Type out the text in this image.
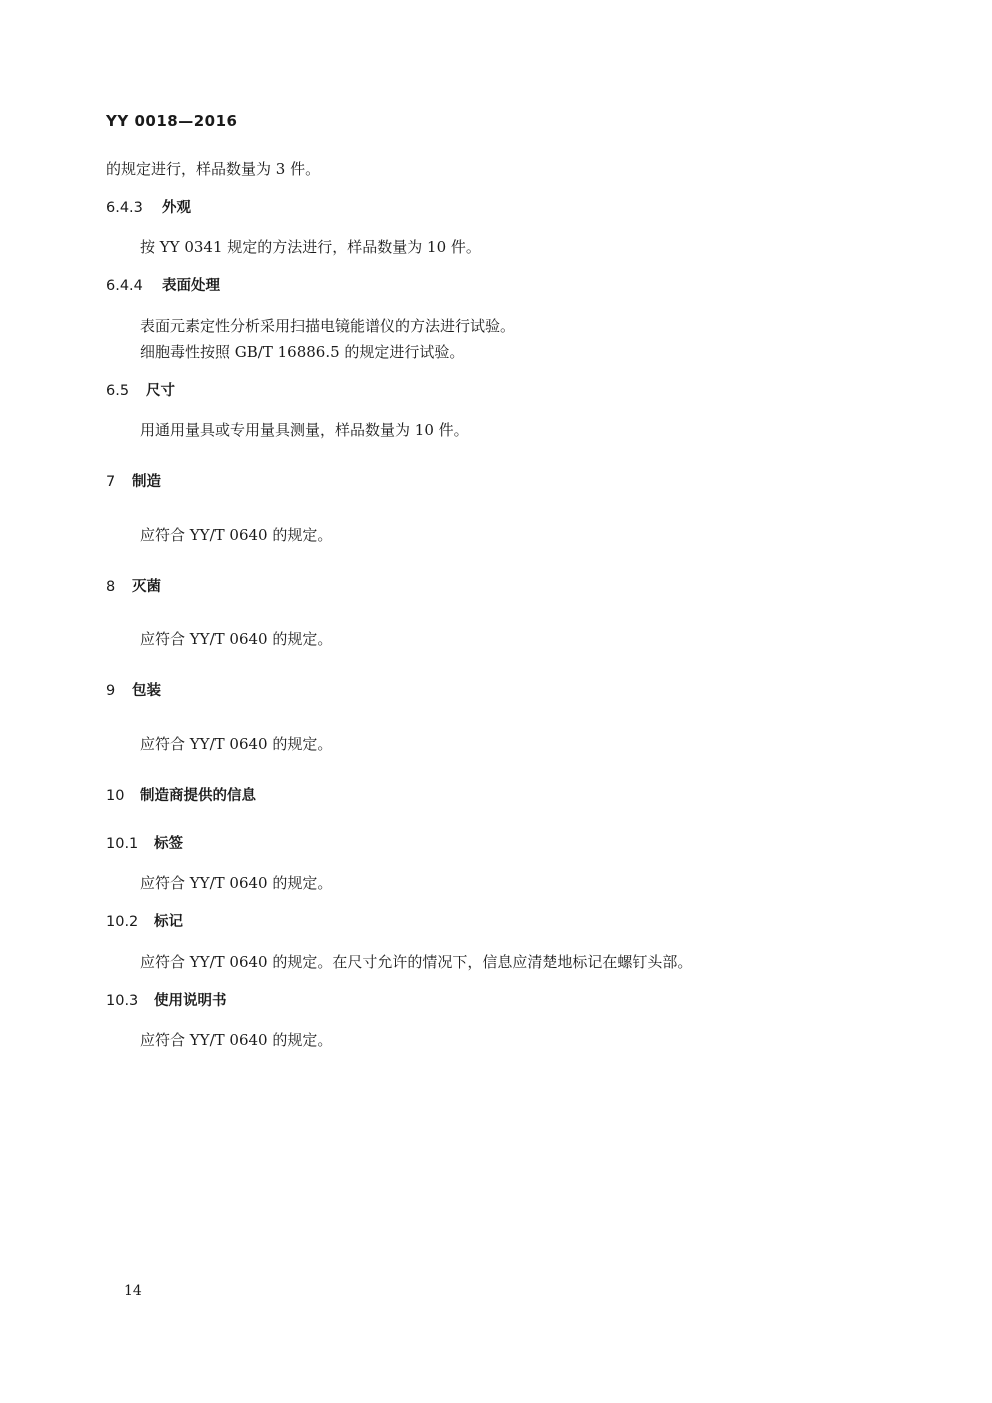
YY 0018—2016
的规定进行，样品数量为 3 件。
6.4.3 外观
按 YY 0341 规定的方法进行，样品数量为 10 件。
6.4.4 表面处理
表面元素定性分析采用扫描电镜能谱仪的方法进行试验。
细胞毒性按照 GB/T 16886.5 的规定进行试验。
6.5 尺寸
用通用量具或专用量具测量，样品数量为 10 件。
7 制造
应符合 YY/T 0640 的规定。
8 灭菌
应符合 YY/T 0640 的规定。
9 包装
应符合 YY/T 0640 的规定。
10 制造商提供的信息
10.1 标签
应符合 YY/T 0640 的规定。
10.2 标记
应符合 YY/T 0640 的规定。在尺寸允许的情况下，信息应清楚地标记在螺钉头部。
10.3 使用说明书
应符合 YY/T 0640 的规定。
14
